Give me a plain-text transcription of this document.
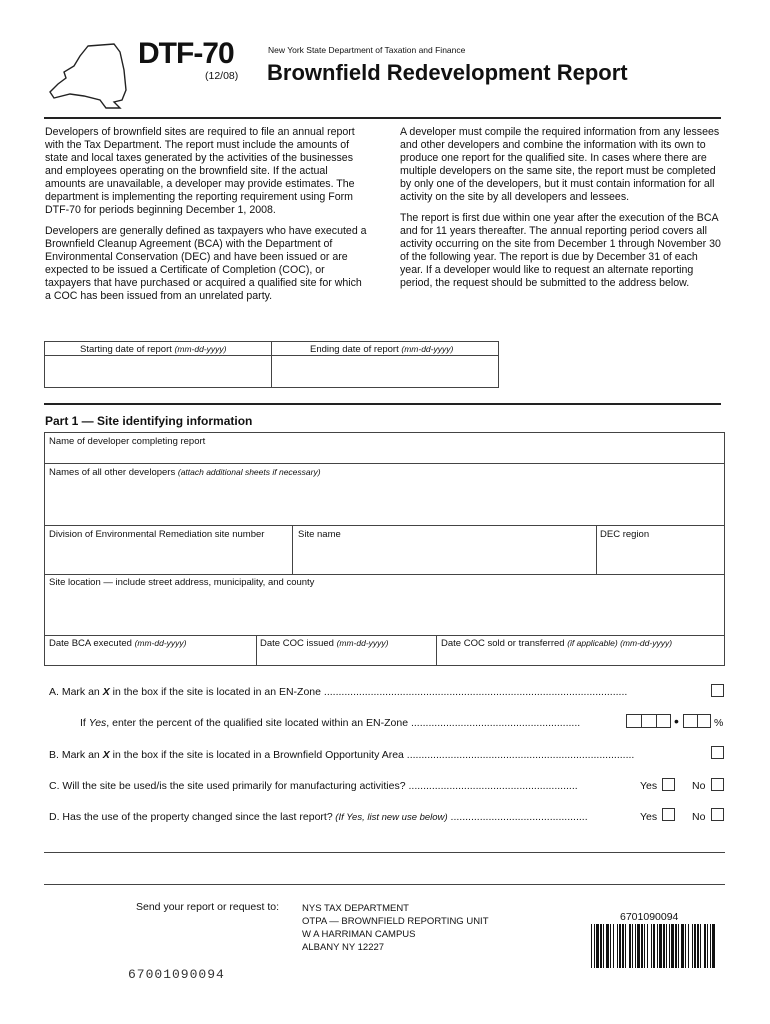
DTF-70
(12/08)
New York State Department of Taxation and Finance
Brownfield Redevelopment Report

Developers of brownfield sites are required to file an annual report with the Tax Department. The report must include the amounts of state and local taxes generated by the activities of the businesses and employees operating on the brownfield site. If the actual amounts are unavailable, a developer may provide estimates. The department is implementing the reporting requirement using Form DTF-70 for periods beginning December 1, 2008.

Developers are generally defined as taxpayers who have executed a Brownfield Cleanup Agreement (BCA) with the Department of Environmental Conservation (DEC) and have been issued or are expected to be issued a Certificate of Completion (COC), or taxpayers that have purchased or acquired a qualified site for which a COC has been issued from an unrelated party.

A developer must compile the required information from any lessees and other developers and combine the information with its own to produce one report for the qualified site. In cases where there are multiple developers on the same site, the report must be completed by only one of the developers, but it must contain information for all activity on the site by all developers and lessees.

The report is first due within one year after the execution of the BCA and for 11 years thereafter. The annual reporting period covers all activity occurring on the site from December 1 through November 30 of the following year. The report is due by December 31 of each year. If a developer would like to request an alternate reporting period, the request should be submitted to the address below.

Starting date of report (mm-dd-yyyy)	Ending date of report (mm-dd-yyyy)
Part 1 — Site identifying information
Name of developer completing report
Names of all other developers (attach additional sheets if necessary)
Division of Environmental Remediation site number	Site name	DEC region
Site location — include street address, municipality, and county
Date BCA executed (mm-dd-yyyy)	Date COC issued (mm-dd-yyyy)	Date COC sold or transferred (if applicable) (mm-dd-yyyy)
A. Mark an X in the box if the site is located in an EN-Zone ........................................................................................................
If Yes, enter the percent of the qualified site located within an EN-Zone ..........................................................	•	%
B. Mark an X in the box if the site is located in a Brownfield Opportunity Area ..............................................................................
C. Will the site be used/is the site used primarily for manufacturing activities? ..........................................................	Yes	No
D. Has the use of the property changed since the last report? (If Yes, list new use below) ...............................................	Yes	No
Send your report or request to: NYS TAX DEPARTMENT
OTPA — BROWNFIELD REPORTING UNIT
W A HARRIMAN CAMPUS
ALBANY NY 12227
6701090094
67001090094
